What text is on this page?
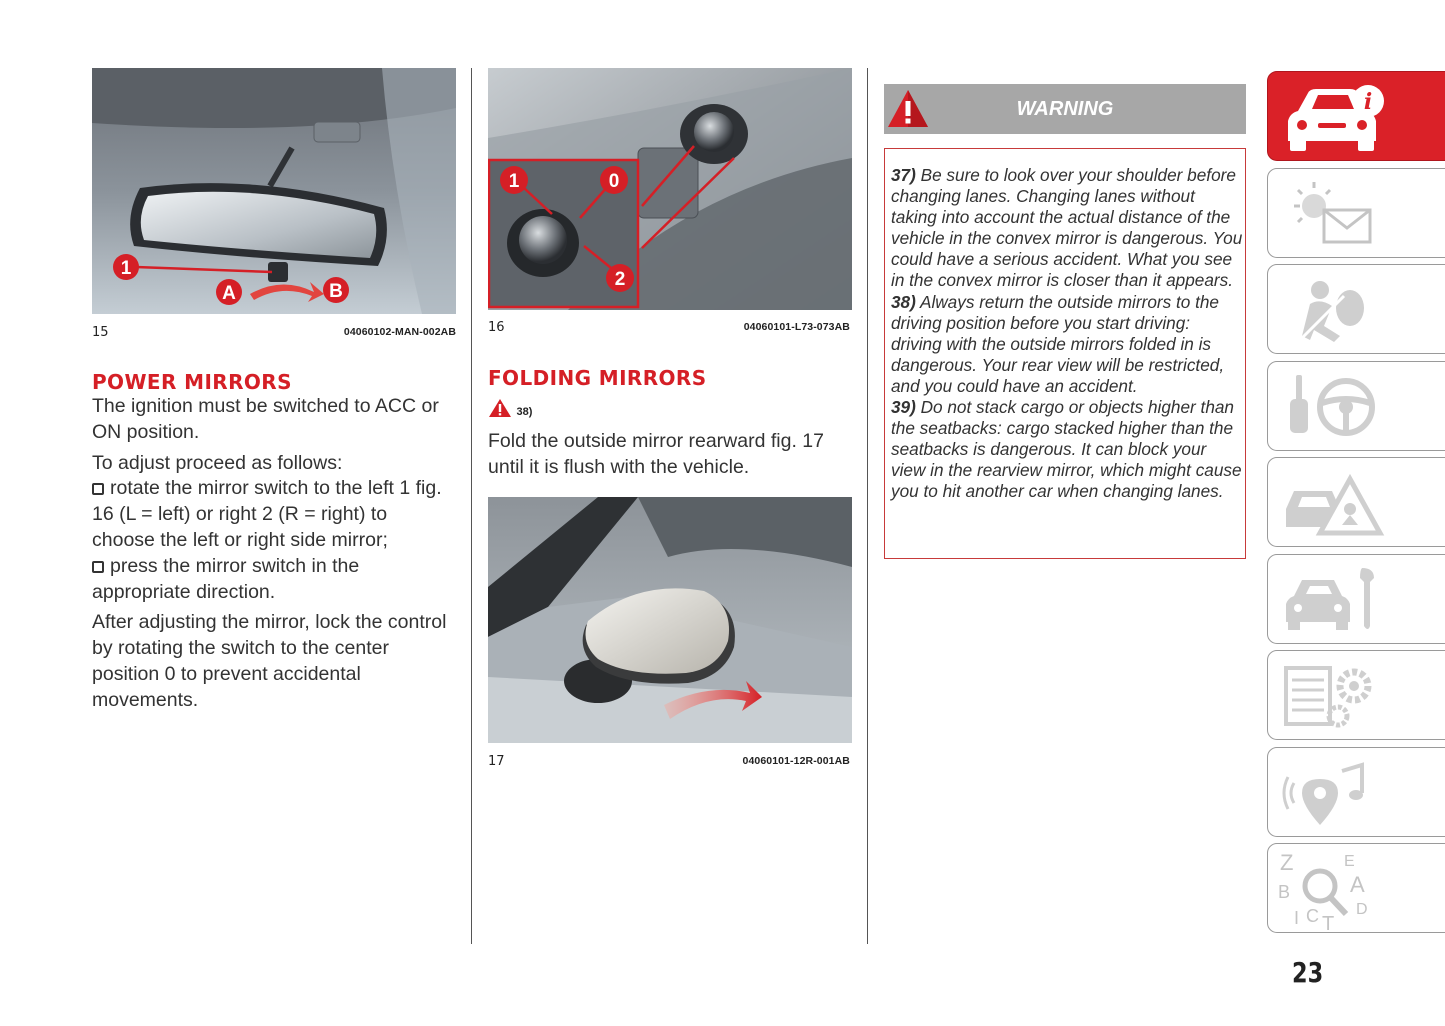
1
A	B
15	04060102-MAN-002AB
POWER MIRRORS

The ignition must be switched to ACC or ON position.

To adjust proceed as follows:
rotate the mirror switch to the left 1 fig. 16 (L = left) or right 2 (R = right) to choose the left or right side mirror;
press the mirror switch in the appropriate direction.

After adjusting the mirror, lock the control by rotating the switch to the center position 0 to prevent accidental movements.

1	0
2
16	04060101-L73-073AB
FOLDING MIRRORS
38)
Fold the outside mirror rearward fig. 17 until it is flush with the vehicle.
17	04060101-12R-001AB
WARNING
37) Be sure to look over your shoulder before changing lanes. Changing lanes without taking into account the actual distance of the vehicle in the convex mirror is dangerous. You could have a serious accident. What you see in the convex mirror is closer than it appears.
38) Always return the outside mirrors to the driving position before you start driving: driving with the outside mirrors folded in is dangerous. Your rear view will be restricted, and you could have an accident.
39) Do not stack cargo or objects higher than the seatbacks: cargo stacked higher than the seatbacks is dangerous. It can block your view in the rearview mirror, which might cause you to hit another car when changing lanes.
i
Z	E
A
B
C T
D
I
23
